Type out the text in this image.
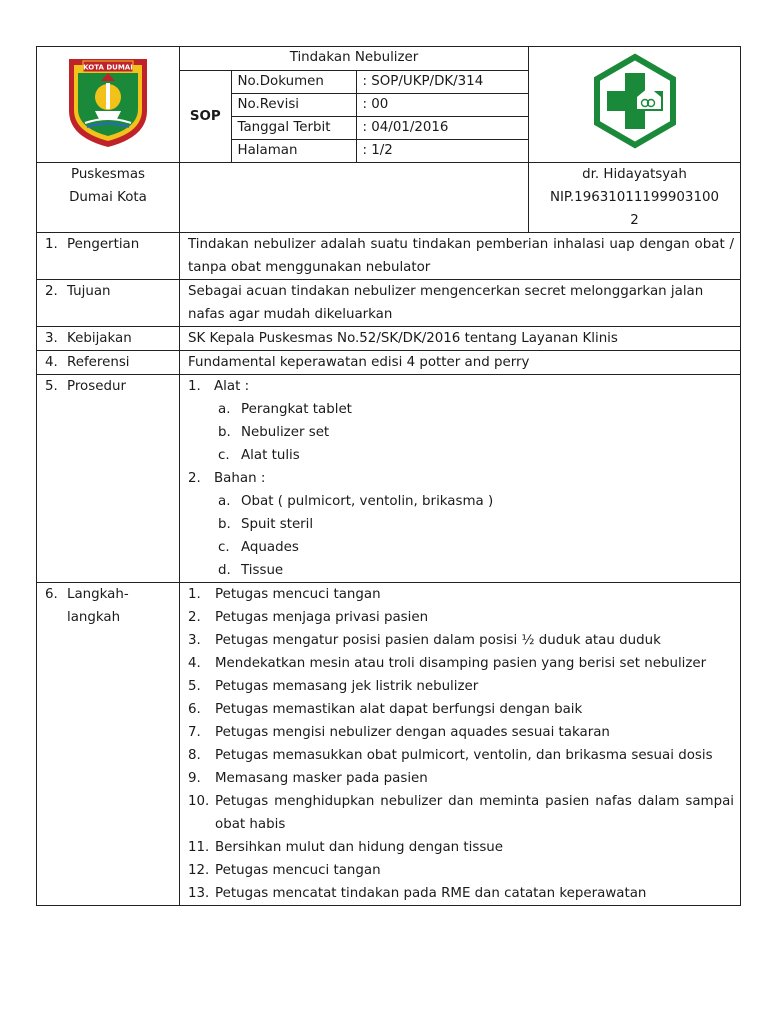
KOTA DUMAI

Tindakan Nebulizer
SOP	No.Dokumen	: SOP/UKP/DK/314
No.Revisi	: 00
Tanggal Terbit	: 04/01/2016
Halaman	: 1/2

Puskesmas
Dumai Kota

dr. Hidayatsyah
NIP.19631011199903100
2

1. Pengertian	Tindakan nebulizer adalah suatu tindakan pemberian inhalasi uap dengan obat / tanpa obat menggunakan nebulator
2. Tujuan	Sebagai acuan tindakan nebulizer mengencerkan secret melonggarkan jalan nafas agar mudah dikeluarkan
3. Kebijakan	SK Kepala Puskesmas No.52/SK/DK/2016 tentang Layanan Klinis
4. Referensi	Fundamental keperawatan edisi 4 potter and perry
5. Prosedur	1. Alat :
a. Perangkat tablet
b. Nebulizer set
c. Alat tulis
2. Bahan :
a. Obat ( pulmicort, ventolin, brikasma )
b. Spuit steril
c. Aquades
d. Tissue

6. Langkah-
langkah

1.	Petugas mencuci tangan
2.	Petugas menjaga privasi pasien
3.	Petugas mengatur posisi pasien dalam posisi ½ duduk atau duduk
4.	Mendekatkan mesin atau troli disamping pasien yang berisi set nebulizer
5.	Petugas memasang jek listrik nebulizer
6.	Petugas memastikan alat dapat berfungsi dengan baik
7.	Petugas mengisi nebulizer dengan aquades sesuai takaran
8.	Petugas memasukkan obat pulmicort, ventolin, dan brikasma sesuai dosis
9.	Memasang masker pada pasien
10. Petugas menghidupkan nebulizer dan meminta pasien nafas dalam sampai obat habis
11. Bersihkan mulut dan hidung dengan tissue
12. Petugas mencuci tangan
13. Petugas mencatat tindakan pada RME dan catatan keperawatan
